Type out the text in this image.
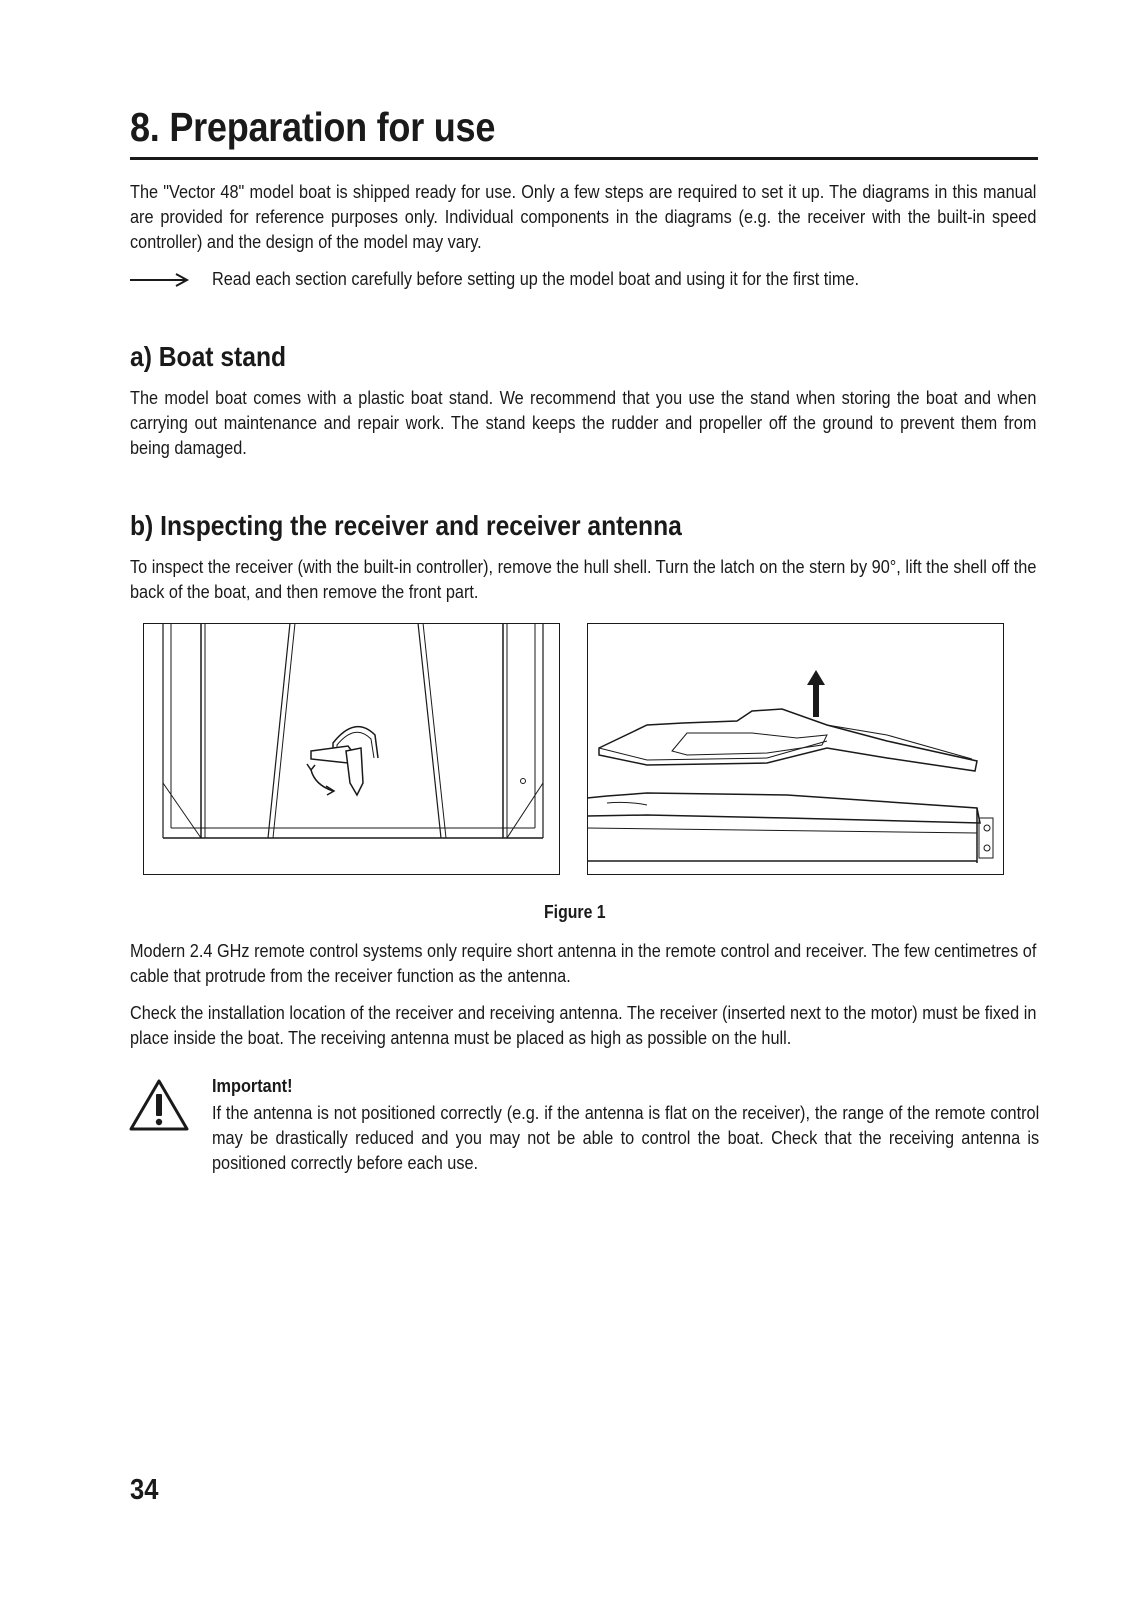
8. Preparation for use

The "Vector 48" model boat is shipped ready for use. Only a few steps are required to set it up. The diagrams in this manual are provided for reference purposes only. Individual components in the diagrams (e.g. the receiver with the built-in speed controller) and the design of the model may vary.

Read each section carefully before setting up the model boat and using it for the first time.

a) Boat stand

The model boat comes with a plastic boat stand. We recommend that you use the stand when storing the boat and when carrying out maintenance and repair work. The stand keeps the rudder and propeller off the ground to prevent them from being damaged.

b) Inspecting the receiver and receiver antenna

To inspect the receiver (with the built-in controller), remove the hull shell. Turn the latch on the stern by 90°, lift the shell off the back of the boat, and then remove the front part.

Figure 1

Modern 2.4 GHz remote control systems only require short antenna in the remote control and receiver. The few centimetres of cable that protrude from the receiver function as the antenna.

Check the installation location of the receiver and receiving antenna. The receiver (inserted next to the motor) must be fixed in place inside the boat. The receiving antenna must be placed as high as possible on the hull.

Important!

If the antenna is not positioned correctly (e.g. if the antenna is flat on the receiver), the range of the remote control may be drastically reduced and you may not be able to control the boat. Check that the receiving antenna is positioned correctly before each use.

34
